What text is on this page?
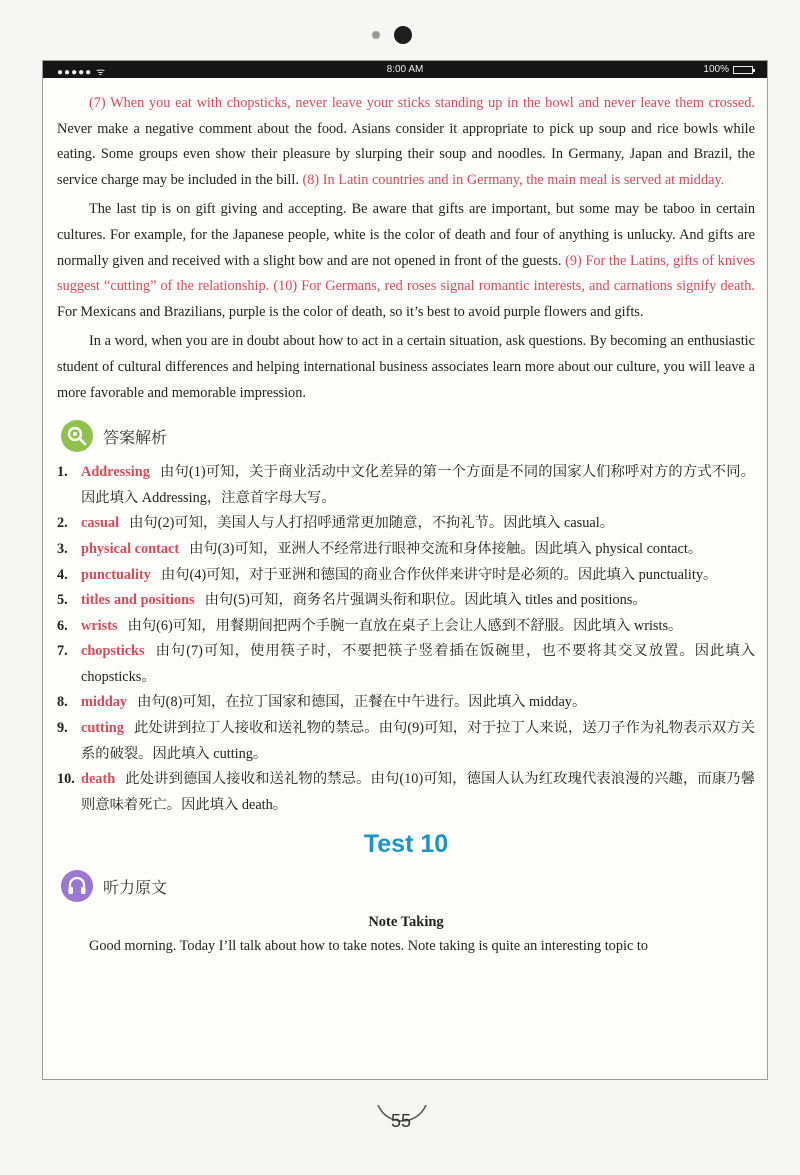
●●●●● ᯤ	8:00 AM	100%

(7) When you eat with chopsticks, never leave your sticks standing up in the bowl and never leave them crossed. Never make a negative comment about the food. Asians consider it appropriate to pick up soup and rice bowls while eating. Some groups even show their pleasure by slurping their soup and noodles. In Germany, Japan and Brazil, the service charge may be included in the bill. (8) In Latin countries and in Germany, the main meal is served at midday.

The last tip is on gift giving and accepting. Be aware that gifts are important, but some may be taboo in certain cultures. For example, for the Japanese people, white is the color of death and four of anything is unlucky. And gifts are normally given and received with a slight bow and are not opened in front of the guests. (9) For the Latins, gifts of knives suggest “cutting” of the relationship. (10) For Germans, red roses signal romantic interests, and carnations signify death. For Mexicans and Brazilians, purple is the color of death, so it’s best to avoid purple flowers and gifts.

In a word, when you are in doubt about how to act in a certain situation, ask questions. By becoming an enthusiastic student of cultural differences and helping international business associates learn more about our culture, you will leave a more favorable and memorable impression.

答案解析
1. Addressing 由句(1)可知，关于商业活动中文化差异的第一个方面是不同的国家人们称呼对方的方式不同。因此填入 Addressing，注意首字母大写。
2. casual 由句(2)可知，美国人与人打招呼通常更加随意，不拘礼节。因此填入 casual。
3. physical contact 由句(3)可知，亚洲人不经常进行眼神交流和身体接触。因此填入 physical contact。
4. punctuality 由句(4)可知，对于亚洲和德国的商业合作伙伴来讲守时是必须的。因此填入 punctuality。
5. titles and positions 由句(5)可知，商务名片强调头衔和职位。因此填入 titles and positions。
6. wrists 由句(6)可知，用餐期间把两个手腕一直放在桌子上会让人感到不舒服。因此填入 wrists。
7. chopsticks 由句(7)可知，使用筷子时，不要把筷子竖着插在饭碗里，也不要将其交叉放置。因此填入 chopsticks。
8. midday 由句(8)可知，在拉丁国家和德国，正餐在中午进行。因此填入 midday。
9. cutting 此处讲到拉丁人接收和送礼物的禁忌。由句(9)可知，对于拉丁人来说，送刀子作为礼物表示双方关系的破裂。因此填入 cutting。
10. death 此处讲到德国人接收和送礼物的禁忌。由句(10)可知，德国人认为红玫瑰代表浪漫的兴趣，而康乃馨则意味着死亡。因此填入 death。
Test 10
听力原文
Note Taking

Good morning. Today I’ll talk about how to take notes. Note taking is quite an interesting topic to

55
